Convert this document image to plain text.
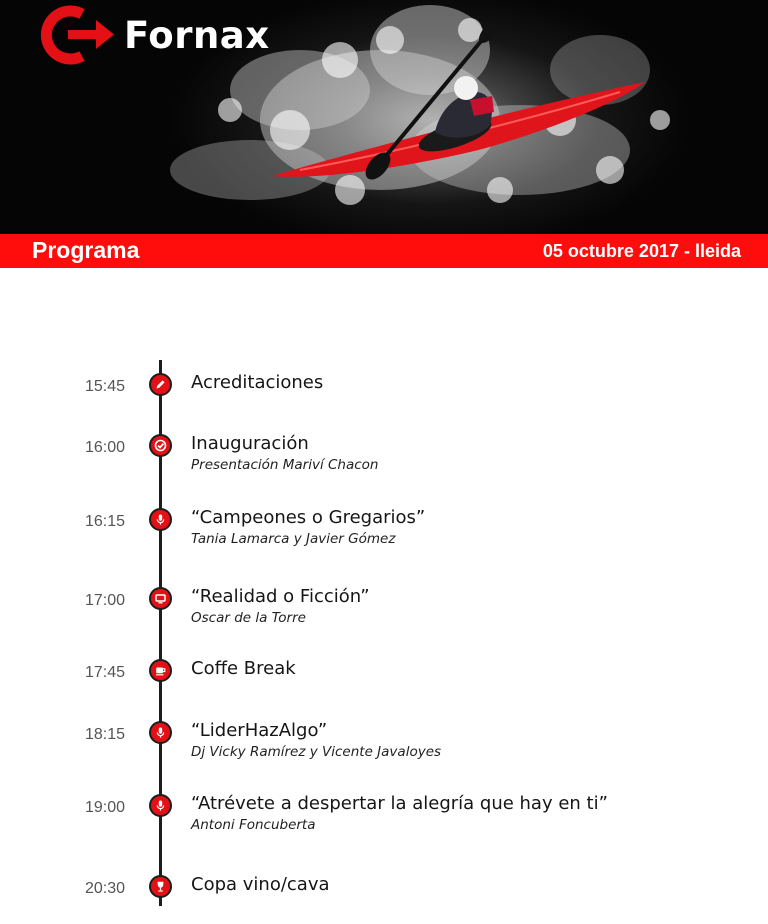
Fornax
Programa	05 octubre 2017 - lleida
15:45	Acreditaciones
16:00	Inauguración
Presentación Mariví Chacon
16:15	“Campeones o Gregarios”
Tania Lamarca y Javier Gómez
17:00	“Realidad o Ficción”
Oscar de la Torre
17:45	Coffe Break
18:15	“LiderHazAlgo”
Dj Vicky Ramírez y Vicente Javaloyes
19:00	“Atrévete a despertar la alegría que hay en ti”
Antoni Foncuberta
20:30	Copa vino/cava
